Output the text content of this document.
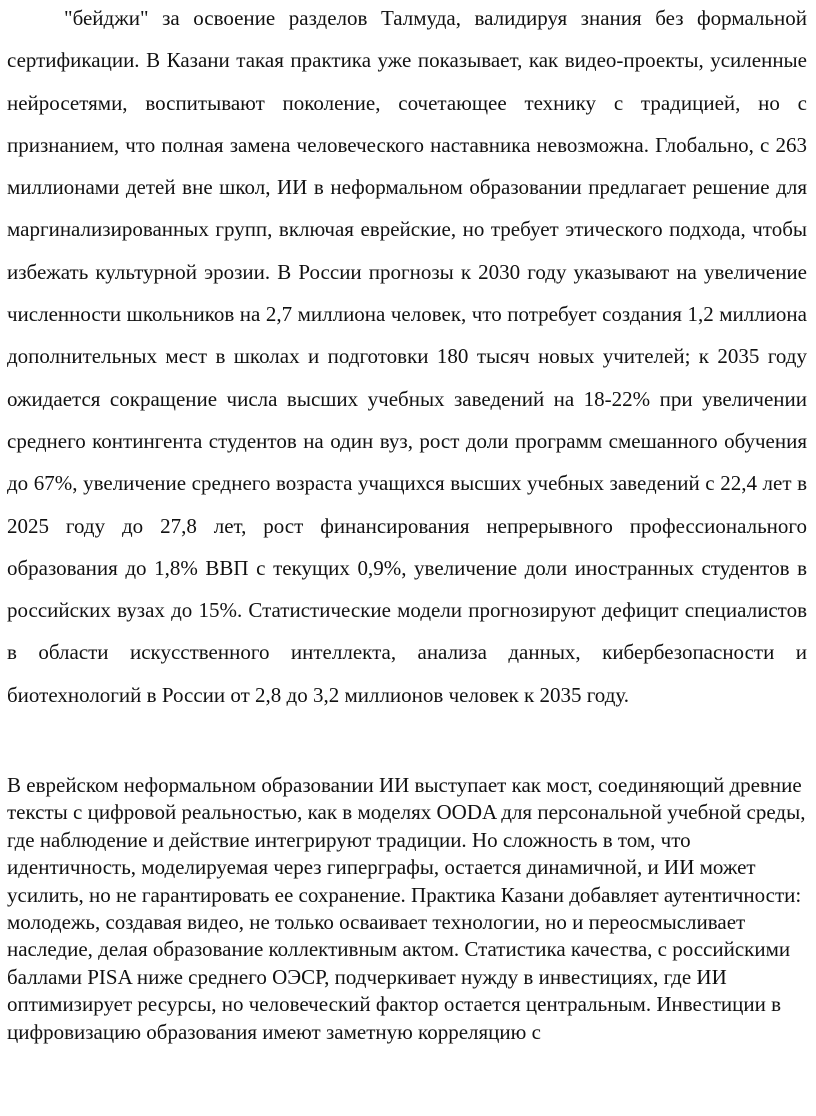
"бейджи" за освоение разделов Талмуда, валидируя знания без формальной сертификации. В Казани такая практика уже показывает, как видео-проекты, усиленные нейросетями, воспитывают поколение, сочетающее технику с традицией, но с признанием, что полная замена человеческого наставника невозможна. Глобально, с 263 миллионами детей вне школ, ИИ в неформальном образовании предлагает решение для маргинализированных групп, включая еврейские, но требует этического подхода, чтобы избежать культурной эрозии. В России прогнозы к 2030 году указывают на увеличение численности школьников на 2,7 миллиона человек, что потребует создания 1,2 миллиона дополнительных мест в школах и подготовки 180 тысяч новых учителей; к 2035 году ожидается сокращение числа высших учебных заведений на 18-22% при увеличении среднего контингента студентов на один вуз, рост доли программ смешанного обучения до 67%, увеличение среднего возраста учащихся высших учебных заведений с 22,4 лет в 2025 году до 27,8 лет, рост финансирования непрерывного профессионального образования до 1,8% ВВП с текущих 0,9%, увеличение доли иностранных студентов в российских вузах до 15%. Статистические модели прогнозируют дефицит специалистов в области искусственного интеллекта, анализа данных, кибербезопасности и биотехнологий в России от 2,8 до 3,2 миллионов человек к 2035 году.

В еврейском неформальном образовании ИИ выступает как мост, соединяющий древние тексты с цифровой реальностью, как в моделях OODA для персональной учебной среды, где наблюдение и действие интегрируют традиции. Но сложность в том, что идентичность, моделируемая через гиперграфы, остается динамичной, и ИИ может усилить, но не гарантировать ее сохранение. Практика Казани добавляет аутентичности: молодежь, создавая видео, не только осваивает технологии, но и переосмысливает наследие, делая образование коллективным актом. Статистика качества, с российскими баллами PISA ниже среднего ОЭСР, подчеркивает нужду в инвестициях, где ИИ оптимизирует ресурсы, но человеческий фактор остается центральным. Инвестиции в цифровизацию образования имеют заметную корреляцию с
